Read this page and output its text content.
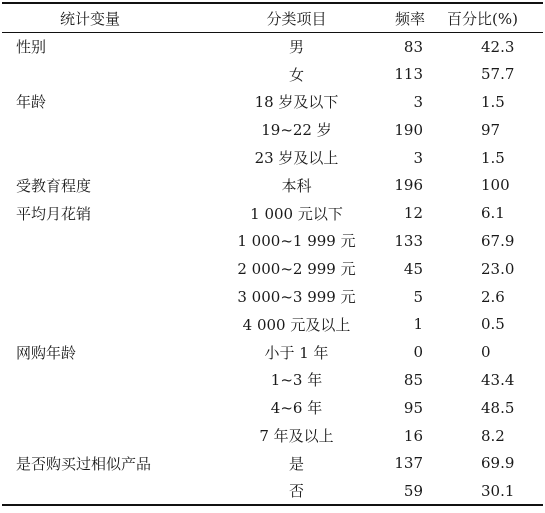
统计变量	分类项目	频率	百分比(%)
性别	男	83	42.3
	女	113	57.7
年龄	18 岁及以下	3	1.5
	19~22 岁	190	97
	23 岁及以上	3	1.5
受教育程度	本科	196	100
平均月花销	1 000 元以下	12	6.1
	1 000~1 999 元	133	67.9
	2 000~2 999 元	45	23.0
	3 000~3 999 元	5	2.6
	4 000 元及以上	1	0.5
网购年龄	小于 1 年	0	0
	1~3 年	85	43.4
	4~6 年	95	48.5
	7 年及以上	16	8.2
是否购买过相似产品	是	137	69.9
	否	59	30.1
